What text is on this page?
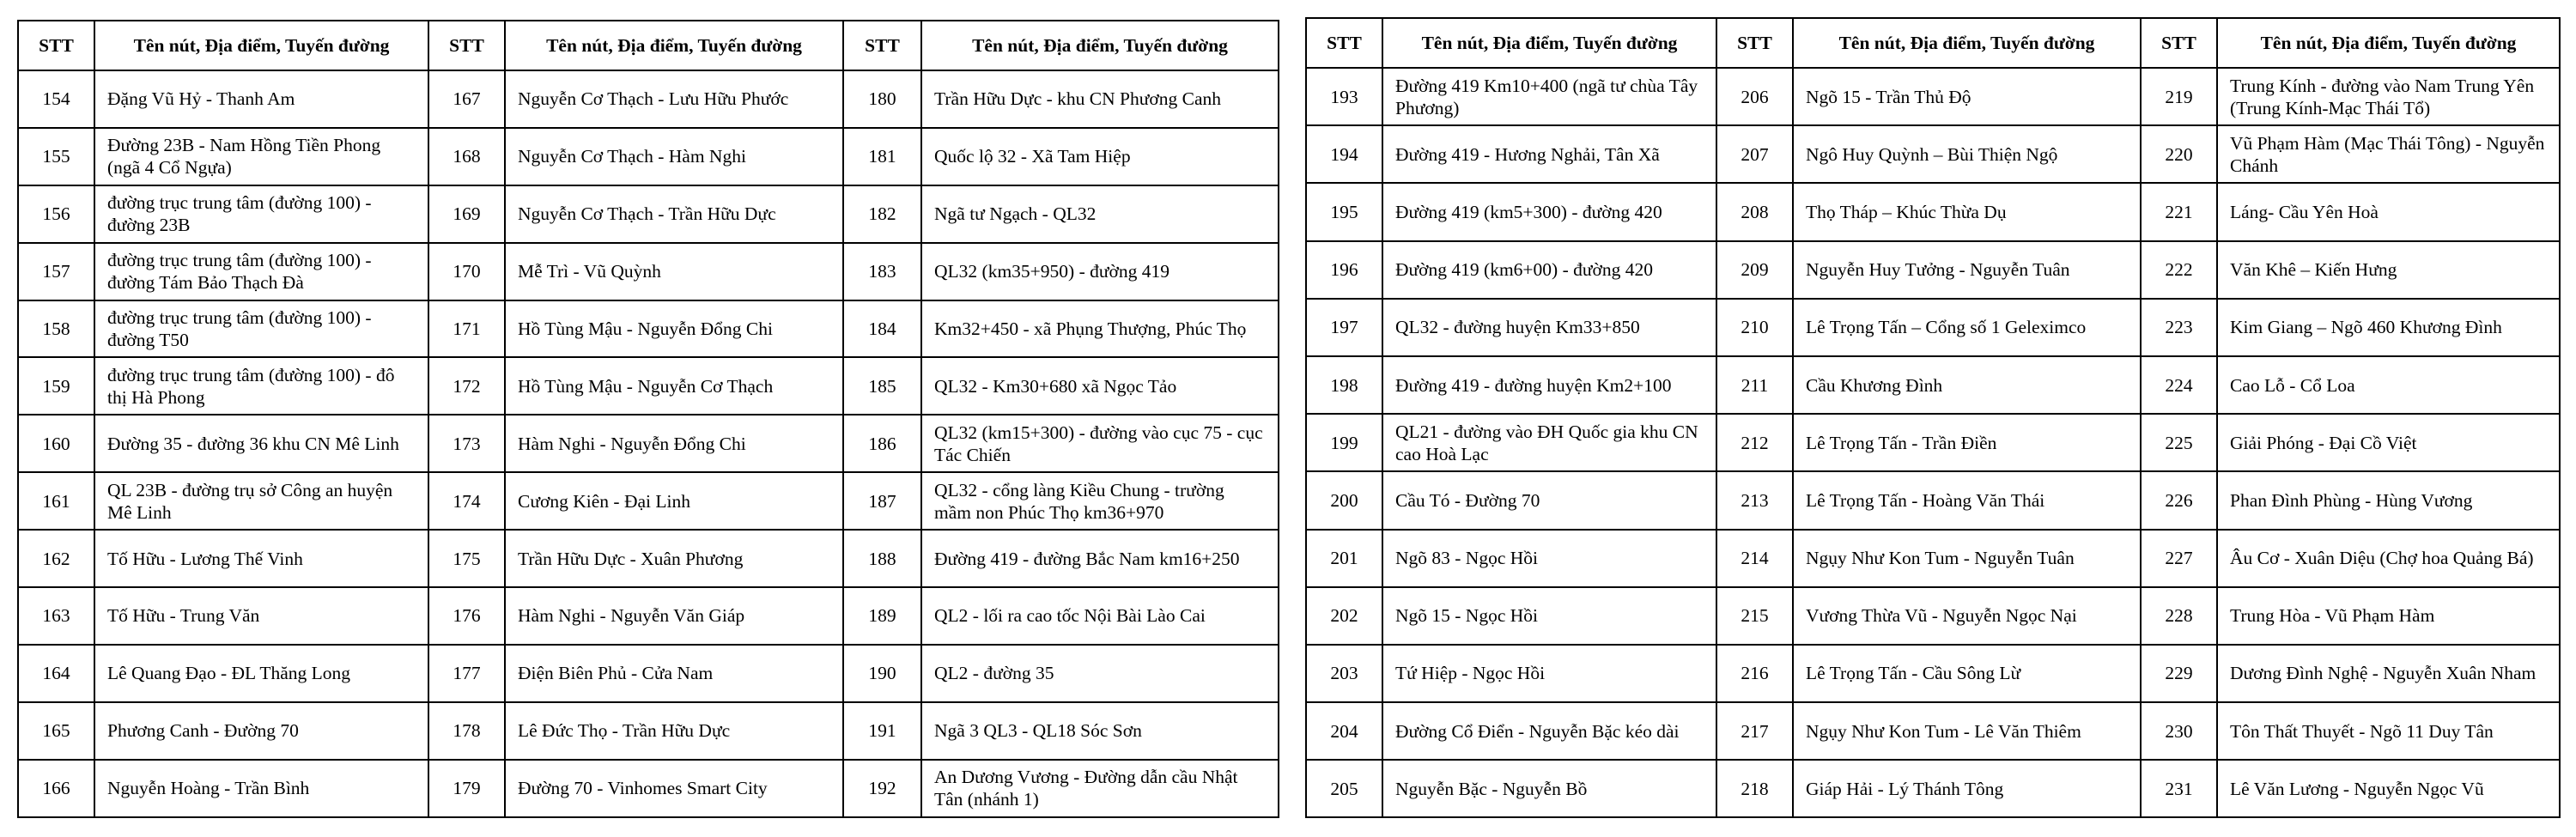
STT	Tên nút, Địa điểm, Tuyến đường	STT	Tên nút, Địa điểm, Tuyến đường	STT	Tên nút, Địa điểm, Tuyến đường
154	Đặng Vũ Hỷ - Thanh Am	167	Nguyễn Cơ Thạch - Lưu Hữu Phước	180	Trần Hữu Dực - khu CN Phương Canh
155	Đường 23B - Nam Hồng Tiền Phong (ngã 4 Cổ Ngựa)	168	Nguyễn Cơ Thạch - Hàm Nghi	181	Quốc lộ 32 - Xã Tam Hiệp
156	đường trục trung tâm (đường 100) - đường 23B	169	Nguyễn Cơ Thạch - Trần Hữu Dực	182	Ngã tư Ngạch - QL32
157	đường trục trung tâm (đường 100) - đường Tám Bảo Thạch Đà	170	Mễ Trì - Vũ Quỳnh	183	QL32 (km35+950) - đường 419
158	đường trục trung tâm (đường 100) - đường T50	171	Hồ Tùng Mậu - Nguyễn Đổng Chi	184	Km32+450 - xã Phụng Thượng, Phúc Thọ
159	đường trục trung tâm (đường 100) - đô thị Hà Phong	172	Hồ Tùng Mậu - Nguyễn Cơ Thạch	185	QL32 - Km30+680 xã Ngọc Tảo
160	Đường 35 - đường 36 khu CN Mê Linh	173	Hàm Nghi - Nguyễn Đổng Chi	186	QL32 (km15+300) - đường vào cục 75 - cục Tác Chiến
161	QL 23B - đường trụ sở Công an huyện Mê Linh	174	Cương Kiên - Đại Linh	187	QL32 - cổng làng Kiều Chung - trường mầm non Phúc Thọ km36+970
162	Tố Hữu - Lương Thế Vinh	175	Trần Hữu Dực - Xuân Phương	188	Đường 419 - đường Bắc Nam km16+250
163	Tố Hữu - Trung Văn	176	Hàm Nghi - Nguyễn Văn Giáp	189	QL2 - lối ra cao tốc Nội Bài Lào Cai
164	Lê Quang Đạo - ĐL Thăng Long	177	Điện Biên Phủ - Cửa Nam	190	QL2 - đường 35
165	Phương Canh - Đường 70	178	Lê Đức Thọ - Trần Hữu Dực	191	Ngã 3 QL3 - QL18 Sóc Sơn
166	Nguyễn Hoàng - Trần Bình	179	Đường 70 - Vinhomes Smart City	192	An Dương Vương - Đường dẫn cầu Nhật Tân (nhánh 1)
STT	Tên nút, Địa điểm, Tuyến đường	STT	Tên nút, Địa điểm, Tuyến đường	STT	Tên nút, Địa điểm, Tuyến đường
193	Đường 419 Km10+400 (ngã tư chùa Tây Phương)	206	Ngõ 15 - Trần Thủ Độ	219	Trung Kính - đường vào Nam Trung Yên (Trung Kính-Mạc Thái Tổ)
194	Đường 419 - Hương Nghải, Tân Xã	207	Ngô Huy Quỳnh – Bùi Thiện Ngộ	220	Vũ Phạm Hàm (Mạc Thái Tông) - Nguyễn Chánh
195	Đường 419 (km5+300) - đường 420	208	Thọ Tháp – Khúc Thừa Dụ	221	Láng- Cầu Yên Hoà
196	Đường 419 (km6+00) - đường 420	209	Nguyễn Huy Tưởng - Nguyễn Tuân	222	Văn Khê – Kiến Hưng
197	QL32 - đường huyện Km33+850	210	Lê Trọng Tấn – Cổng số 1 Geleximco	223	Kim Giang – Ngõ 460 Khương Đình
198	Đường 419 - đường huyện Km2+100	211	Cầu Khương Đình	224	Cao Lỗ - Cổ Loa
199	QL21 - đường vào ĐH Quốc gia khu CN cao Hoà Lạc	212	Lê Trọng Tấn - Trần Điền	225	Giải Phóng - Đại Cồ Việt
200	Cầu Tó - Đường 70	213	Lê Trọng Tấn - Hoàng Văn Thái	226	Phan Đình Phùng - Hùng Vương
201	Ngõ 83 - Ngọc Hồi	214	Ngụy Như Kon Tum - Nguyễn Tuân	227	Âu Cơ - Xuân Diệu (Chợ hoa Quảng Bá)
202	Ngõ 15 - Ngọc Hồi	215	Vương Thừa Vũ - Nguyễn Ngọc Nại	228	Trung Hòa - Vũ Phạm Hàm
203	Tứ Hiệp - Ngọc Hồi	216	Lê Trọng Tấn - Cầu Sông Lừ	229	Dương Đình Nghệ - Nguyễn Xuân Nham
204	Đường Cổ Điển - Nguyễn Bặc kéo dài	217	Ngụy Như Kon Tum - Lê Văn Thiêm	230	Tôn Thất Thuyết - Ngõ 11 Duy Tân
205	Nguyễn Bặc - Nguyễn Bồ	218	Giáp Hải - Lý Thánh Tông	231	Lê Văn Lương - Nguyễn Ngọc Vũ
